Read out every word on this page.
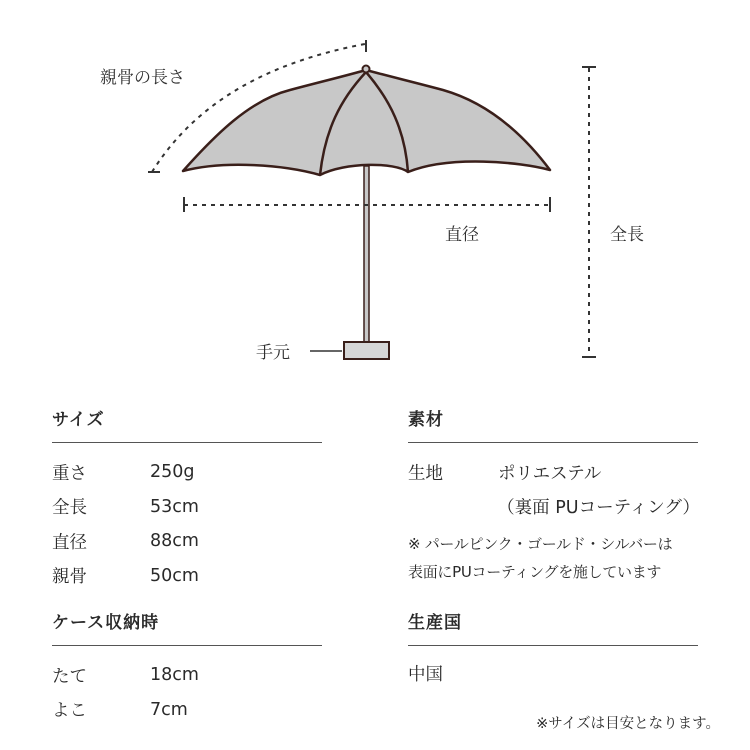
親骨の長さ
直径	全長
手元
サイズ
重さ	250g
全長	53cm
直径	88cm
親骨	50cm
ケース収納時
たて	18cm
よこ	7cm
素材
生地	ポリエステル
（裏面 PUコーティング）
※ パールピンク・ゴールド・シルバーは
表面にPUコーティングを施しています
生産国
中国
※サイズは目安となります。
